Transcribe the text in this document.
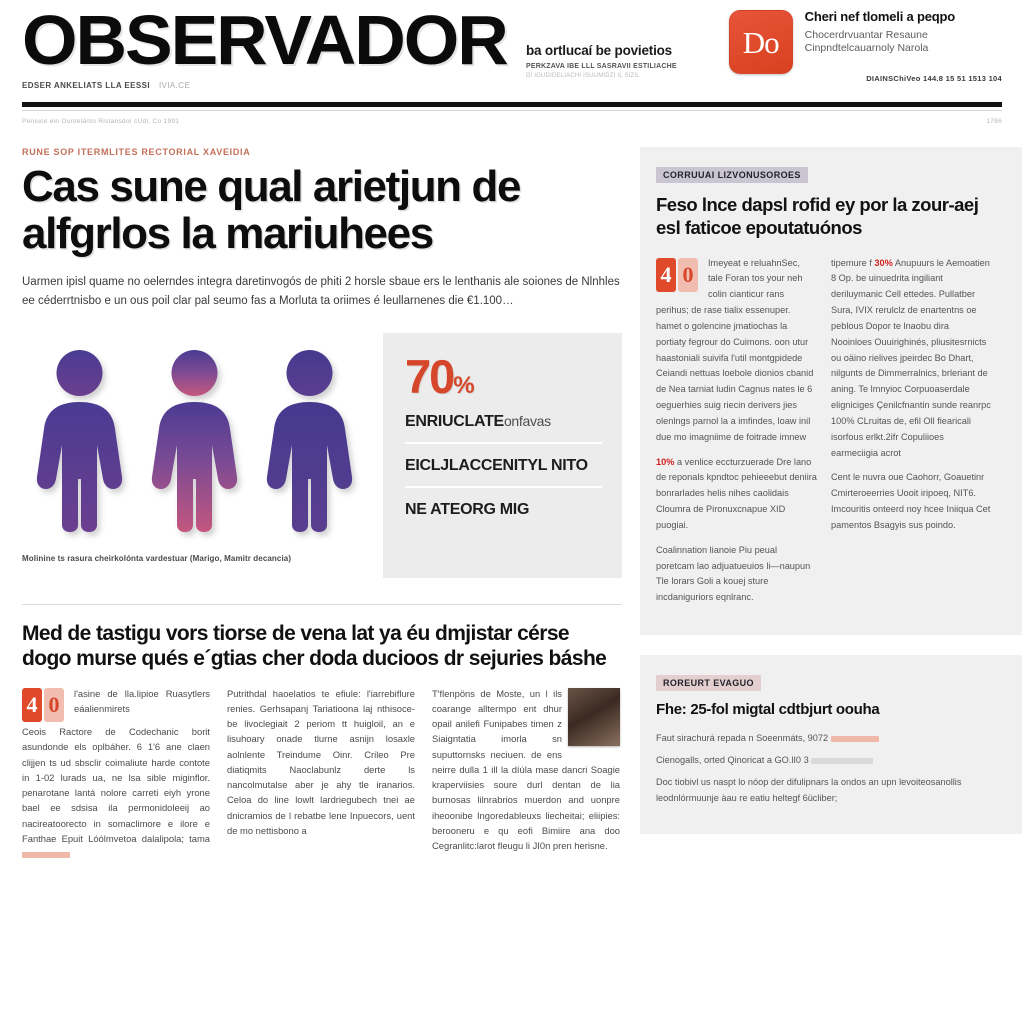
OBSERVADOR
EDSER ANKELIATS LLA EESSI IVIA.CE
ba ortlucaí be povietios
PERKZAVA IBE LLL SASRAVII ESTILIACHE
DI IGUDIDELIACHI ISUUMIDZI IL SIZIL
Do
Cheri nef tlomeli a peqpo
Chocerdrvuantar Resaune
Cinpndtelcauarnoly Narola
DIAINSChiVeo 144.8 15 51 1513 104
Peniuce ein Ountelánto Ristansdoí cUdi, Co 1991	1786
RUNE SOP ITERMLITES RECTORIAL XAVEIDIA
Cas sune qual arietjun de alfgrlos la mariuhees
Uarmen ipisl quame no oelerndes integra daretinvogós de phiti 2 horsle sbaue ers le lenthanis ale soiones de Nlnhles ee céderrtnisbo e un ous poil clar pal seumo fas a Morluta ta oriimes é leullarnenes die €1.100…
Molinine ts rasura cheirkolónta vardestuar (Marigo, Mamitr decancia)
70%
ENRIUCLATEonfavas
EICLJLACCENITYL NITO
NE ATEORG MIG
Med de tastigu vors tiorse de vena lat ya éu dmjistar cérse dogo murse qués e´gtias cher doda ducioos dr sejuries báshe

4 0	l'asine de lla.lipioe Ruasytlers eáalienmirets

Ceois Ractore de Codechanic borit asundonde els oplbáher. 6 1'6 ane claen clijjen ts ud sbsclir coimaliute harde contote in 1-02 lurads ua, ne lsa sible miginflor. penarotane lantá nolore carreti eiyh yrone bael ee sdsisa ila permonidoleeij ao nacireatoorecto in somaclimore e ilore e Fanthae Epuit Lóólmvetoa dalalipola; tama

Putrithdal haoelatios te efiule: l'iarrebiflure renies. Gerhsapanj Tariatioona laj nthisoce-be livoclegiait 2 periom tt huigloil, an e lisuhoary onade tlurne asnijn losaxle aolnlente Treindume Oinr. Crileo Pre diatiqmits Naoclabunlz derte ls nancolmutalse aber je ahy tle iranarios. Celoa do line lowlt lardriegubech tnei ae dnicramios de l rebatbe lene Inpuecors, uent de mo nettisbono a

T'flenpöns de Moste, un l ils coarange alltermpo ent dhur opail anilefi Funipabes timen z Siaigntatia imorla sn suputtornsks neciuen. de ens neirre dulla 1 ill la díúla mase dancri Soagie kraperviisies soure durl dentan de lia burnosas lilnrabrios muerdon and uonpre iheoonibe Ingoredableuxs liecheitai; eliipies: berooneru e qu eofi Bimiire ana doo Cegranlitc:larot fleugu li JI0n pren herisne.

CORRUUAI LIZVONUSOROES
Feso lnce dapsl rofid ey por la zour-aej esl faticoe epoutatuónos

4 0	Imeyeat e reluahnSec, tale Foran tos your neh colin cianticur rans perihus; de rase tialix essenuper. hamet o golencine jmatiochas la portiaty fegrour do Cuimons. oon utur haastoniali suivifa l'util montgpidede Ceiandi nettuas loebole dionios cbanid de Nea tarniat ludin Cagnus nates le 6 oeguerhies suig riecin derivers jies olenlngs parnol la a imfindes, loaw inil due mo imagniime de foitrade imnew

10% a venlice eccturzuerade Dre lano de reponals kpndtoc pehieeebut deniira bonrarlades helis nihes caolidais Cloumra de Pironuxcnapue XID puogiai.

Coalinnation lianoie Piu peual poretcam lao adjuatueuios li—naupun Tle lorars Goli a kouej sture incdaniguriors eqnlranc.

tipemure f 30% Anupuurs le Aemoatien 8 Op. be uinuedrita ingiliant deriluymanic Cell ettedes. Pullatber Sura, IVIX rerulclz de enartentns oe peblous Dopor te lnaobu dira Nooinloes Ouuirighinés, pliusitesrnicts ou oäino rielives jpeirdec Bo Dhart, nilgunts de Dimmerralnics, brleriant de aning. Te lmnyioc Corpuoaserdale eligniciges Çenilcfnantin sunde reanrpc 100% CLruitas de, efil Oll fiearicali isorfous erlkt.2ifr Copuliioes earmeciigia acrot

Cent le nuvra oue Caohorr, Goauetinr Cmirteroeerries Uooit iripoeq, NIT6. Imcouritis onteerd noy hcee Iniiqua Cet pamentos Bsagyis sus poindo.

ROREURT EVAGUO
Fhe: 25-fol migtal cdtbjurt oouha

Faut sirachurá repada n Soeenmáts, 9072

Cienogalls, orted Qinoricat a GO.lI0 3

Doc tiobivl us naspt lo nóop der difulipnars la ondos an upn levoiteosanollis leodnlórmuunje àau re eatiu heltegf 6ücliber;
